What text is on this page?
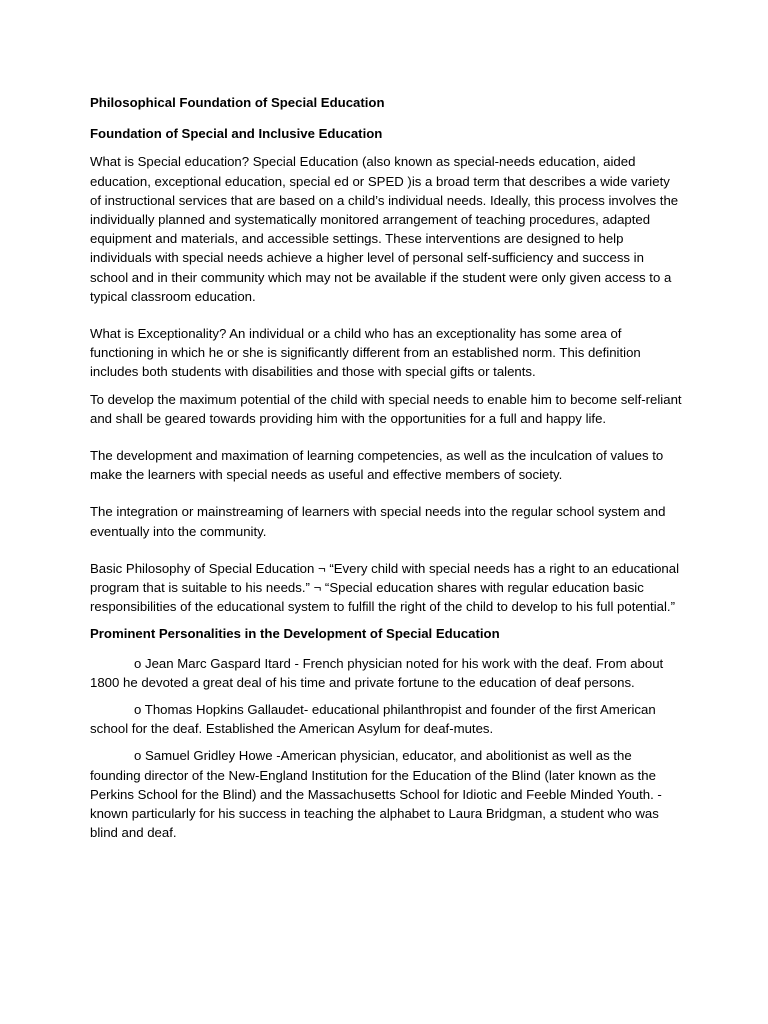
Philosophical Foundation of Special Education

Foundation of Special and Inclusive Education

What is Special education? Special Education (also known as special-needs education, aided education, exceptional education, special ed or SPED )is a broad term that describes a wide variety of instructional services that are based on a child’s individual needs. Ideally, this process involves the individually planned and systematically monitored arrangement of teaching procedures, adapted equipment and materials, and accessible settings. These interventions are designed to help individuals with special needs achieve a higher level of personal self-sufficiency and success in school and in their community which may not be available if the student were only given access to a typical classroom education.

What is Exceptionality? An individual or a child who has an exceptionality has some area of functioning in which he or she is significantly different from an established norm. This definition includes both students with disabilities and those with special gifts or talents.

To develop the maximum potential of the child with special needs to enable him to become self-reliant and shall be geared towards providing him with the opportunities for a full and happy life.

The development and maximation of learning competencies, as well as the inculcation of values to make the learners with special needs as useful and effective members of society.

The integration or mainstreaming of learners with special needs into the regular school system and eventually into the community.

Basic Philosophy of Special Education ¬ “Every child with special needs has a right to an educational program that is suitable to his needs.” ¬ “Special education shares with regular education basic responsibilities of the educational system to fulfill the right of the child to develop to his full potential.”

Prominent Personalities in the Development of Special Education

o Jean Marc Gaspard Itard - French physician noted for his work with the deaf. From about 1800 he devoted a great deal of his time and private fortune to the education of deaf persons.

o Thomas Hopkins Gallaudet- educational philanthropist and founder of the first American school for the deaf. Established the American Asylum for deaf-mutes.

o Samuel Gridley Howe -American physician, educator, and abolitionist as well as the founding director of the New-England Institution for the Education of the Blind (later known as the Perkins School for the Blind) and the Massachusetts School for Idiotic and Feeble Minded Youth. -known particularly for his success in teaching the alphabet to Laura Bridgman, a student who was blind and deaf.
